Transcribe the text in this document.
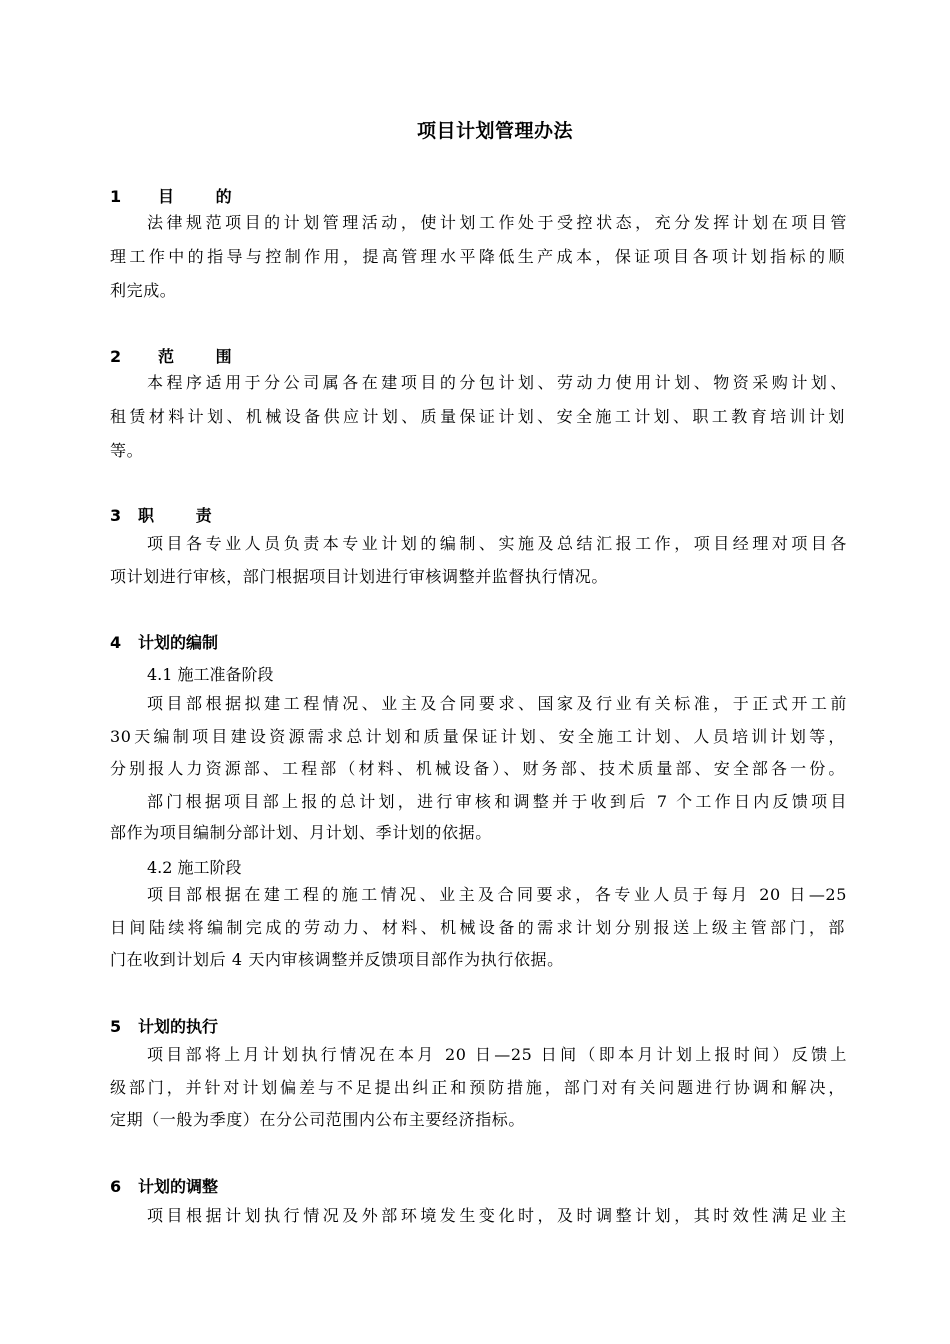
项目计划管理办法
1 目 的
法律规范项目的计划管理活动，使计划工作处于受控状态，充分发挥计划在项目管
理工作中的指导与控制作用，提高管理水平降低生产成本，保证项目各项计划指标的顺
利完成。
2 范 围
本程序适用于分公司属各在建项目的分包计划、劳动力使用计划、物资采购计划、
租赁材料计划、机械设备供应计划、质量保证计划、安全施工计划、职工教育培训计划
等。
3 职 责
项目各专业人员负责本专业计划的编制、实施及总结汇报工作，项目经理对项目各
项计划进行审核，部门根据项目计划进行审核调整并监督执行情况。
4 计划的编制
4.1 施工准备阶段
项目部根据拟建工程情况、业主及合同要求、国家及行业有关标准，于正式开工前
30天编制项目建设资源需求总计划和质量保证计划、安全施工计划、人员培训计划等，
分别报人力资源部、工程部（材料、机械设备）、财务部、技术质量部、安全部各一份。
部门根据项目部上报的总计划，进行审核和调整并于收到后 7 个工作日内反馈项目
部作为项目编制分部计划、月计划、季计划的依据。
4.2 施工阶段
项目部根据在建工程的施工情况、业主及合同要求，各专业人员于每月 20 日—25
日间陆续将编制完成的劳动力、材料、机械设备的需求计划分别报送上级主管部门，部
门在收到计划后 4 天内审核调整并反馈项目部作为执行依据。
5 计划的执行
项目部将上月计划执行情况在本月 20 日—25 日间（即本月计划上报时间）反馈上
级部门，并针对计划偏差与不足提出纠正和预防措施，部门对有关问题进行协调和解决，
定期（一般为季度）在分公司范围内公布主要经济指标。
6 计划的调整
项目根据计划执行情况及外部环境发生变化时，及时调整计划，其时效性满足业主
